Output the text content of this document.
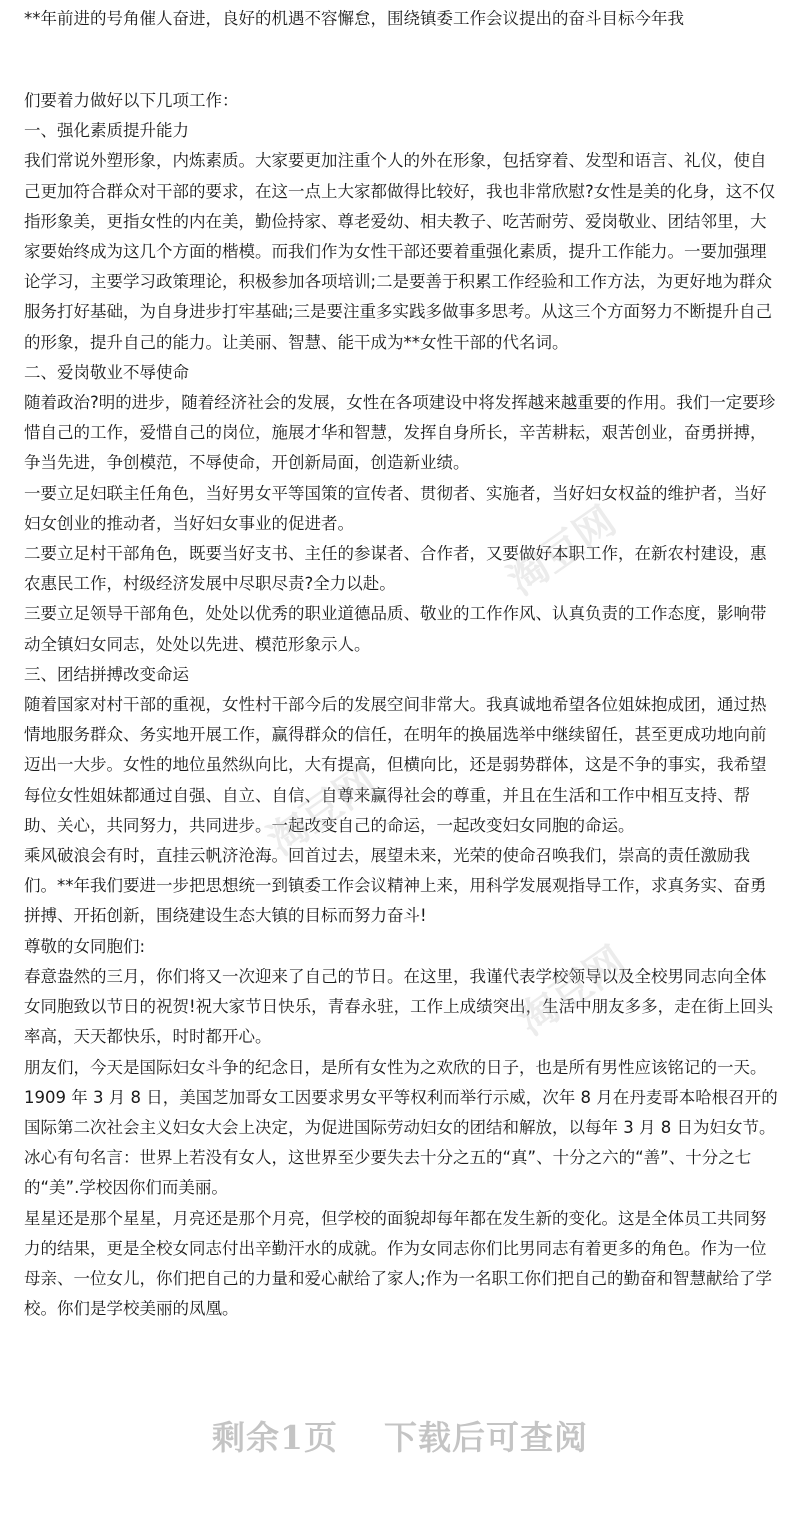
**年前进的号角催人奋进，良好的机遇不容懈怠，围绕镇委工作会议提出的奋斗目标今年我

们要着力做好以下几项工作：

一、强化素质提升能力

我们常说外塑形象，内炼素质。大家要更加注重个人的外在形象，包括穿着、发型和语言、礼仪，使自己更加符合群众对干部的要求，在这一点上大家都做得比较好，我也非常欣慰?女性是美的化身，这不仅指形象美，更指女性的内在美，勤俭持家、尊老爱幼、相夫教子、吃苦耐劳、爱岗敬业、团结邻里，大家要始终成为这几个方面的楷模。而我们作为女性干部还要着重强化素质，提升工作能力。一要加强理论学习，主要学习政策理论，积极参加各项培训;二是要善于积累工作经验和工作方法，为更好地为群众服务打好基础，为自身进步打牢基础;三是要注重多实践多做事多思考。从这三个方面努力不断提升自己的形象，提升自己的能力。让美丽、智慧、能干成为**女性干部的代名词。

二、爱岗敬业不辱使命

随着政治?明的进步，随着经济社会的发展，女性在各项建设中将发挥越来越重要的作用。我们一定要珍惜自己的工作，爱惜自己的岗位，施展才华和智慧，发挥自身所长，辛苦耕耘，艰苦创业，奋勇拼搏，争当先进，争创模范，不辱使命，开创新局面，创造新业绩。

一要立足妇联主任角色，当好男女平等国策的宣传者、贯彻者、实施者，当好妇女权益的维护者，当好妇女创业的推动者，当好妇女事业的促进者。

二要立足村干部角色，既要当好支书、主任的参谋者、合作者，又要做好本职工作，在新农村建设，惠农惠民工作，村级经济发展中尽职尽责?全力以赴。

三要立足领导干部角色，处处以优秀的职业道德品质、敬业的工作作风、认真负责的工作态度，影响带动全镇妇女同志，处处以先进、模范形象示人。

三、团结拼搏改变命运

随着国家对村干部的重视，女性村干部今后的发展空间非常大。我真诚地希望各位姐妹抱成团，通过热情地服务群众、务实地开展工作，赢得群众的信任，在明年的换届选举中继续留任，甚至更成功地向前迈出一大步。女性的地位虽然纵向比，大有提高，但横向比，还是弱势群体，这是不争的事实，我希望每位女性姐妹都通过自强、自立、自信、自尊来赢得社会的尊重，并且在生活和工作中相互支持、帮助、关心，共同努力，共同进步。一起改变自己的命运，一起改变妇女同胞的命运。

乘风破浪会有时，直挂云帆济沧海。回首过去，展望未来，光荣的使命召唤我们，崇高的责任激励我们。**年我们要进一步把思想统一到镇委工作会议精神上来，用科学发展观指导工作，求真务实、奋勇拼搏、开拓创新，围绕建设生态大镇的目标而努力奋斗!

尊敬的女同胞们:

春意盎然的三月，你们将又一次迎来了自己的节日。在这里，我谨代表学校领导以及全校男同志向全体女同胞致以节日的祝贺!祝大家节日快乐，青春永驻，工作上成绩突出，生活中朋友多多，走在街上回头率高，天天都快乐，时时都开心。

朋友们，今天是国际妇女斗争的纪念日，是所有女性为之欢欣的日子，也是所有男性应该铭记的一天。1909 年 3 月 8 日，美国芝加哥女工因要求男女平等权利而举行示威，次年 8 月在丹麦哥本哈根召开的国际第二次社会主义妇女大会上决定，为促进国际劳动妇女的团结和解放，以每年 3 月 8 日为妇女节。

冰心有句名言：世界上若没有女人，这世界至少要失去十分之五的“真”、十分之六的“善”、十分之七的“美”.学校因你们而美丽。

星星还是那个星星，月亮还是那个月亮，但学校的面貌却每年都在发生新的变化。这是全体员工共同努力的结果，更是全校女同志付出辛勤汗水的成就。作为女同志你们比男同志有着更多的角色。作为一位母亲、一位女儿，你们把自己的力量和爱心献给了家人;作为一名职工你们把自己的勤奋和智慧献给了学校。你们是学校美丽的凤凰。

淘豆网
淘豆网
淘豆网
剩余1页 下载后可查阅
